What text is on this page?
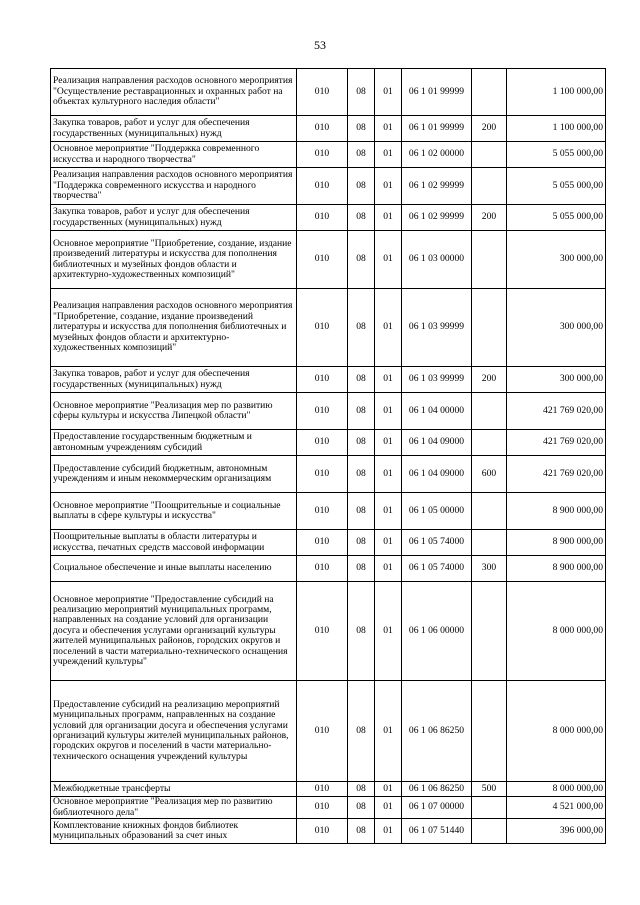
53
Реализация направления расходов основного мероприятия "Осуществление реставрационных и охранных работ на объектах культурного наследия области"	010	08	01	06 1 01 99999		1 100 000,00
Закупка товаров, работ и услуг для обеспечения государственных (муниципальных) нужд	010	08	01	06 1 01 99999	200	1 100 000,00
Основное мероприятие "Поддержка современного искусства и народного творчества"	010	08	01	06 1 02 00000		5 055 000,00
Реализация направления расходов основного мероприятия "Поддержка современного искусства и народного творчества"	010	08	01	06 1 02 99999		5 055 000,00
Закупка товаров, работ и услуг для обеспечения государственных (муниципальных) нужд	010	08	01	06 1 02 99999	200	5 055 000,00
Основное мероприятие "Приобретение, создание, издание произведений литературы и искусства для пополнения библиотечных и музейных фондов области и архитектурно-художественных композиций"	010	08	01	06 1 03 00000		300 000,00
Реализация направления расходов основного мероприятия "Приобретение, создание, издание произведений литературы и искусства для пополнения библиотечных и музейных фондов области и архитектурно-художественных композиций"	010	08	01	06 1 03 99999		300 000,00
Закупка товаров, работ и услуг для обеспечения государственных (муниципальных) нужд	010	08	01	06 1 03 99999	200	300 000,00
Основное мероприятие "Реализация мер по развитию сферы культуры и искусства Липецкой области"	010	08	01	06 1 04 00000		421 769 020,00
Предоставление государственным бюджетным и автономным учреждениям субсидий	010	08	01	06 1 04 09000		421 769 020,00
Предоставление субсидий бюджетным, автономным учреждениям и иным некоммерческим организациям	010	08	01	06 1 04 09000	600	421 769 020,00
Основное мероприятие "Поощрительные и социальные выплаты в сфере культуры и искусства"	010	08	01	06 1 05 00000		8 900 000,00
Поощрительные выплаты в области литературы и искусства, печатных средств массовой информации	010	08	01	06 1 05 74000		8 900 000,00
Социальное обеспечение и иные выплаты населению	010	08	01	06 1 05 74000	300	8 900 000,00
Основное мероприятие "Предоставление субсидий на реализацию мероприятий муниципальных программ, направленных на создание условий для организации досуга и обеспечения услугами организаций культуры жителей муниципальных районов, городских округов и поселений в части материально-технического оснащения учреждений культуры"	010	08	01	06 1 06 00000		8 000 000,00
Предоставление субсидий на реализацию мероприятий муниципальных программ, направленных на создание условий для организации досуга и обеспечения услугами организаций культуры жителей муниципальных районов, городских округов и поселений в части материально-технического оснащения учреждений культуры	010	08	01	06 1 06 86250		8 000 000,00
Межбюджетные трансферты	010	08	01	06 1 06 86250	500	8 000 000,00
Основное мероприятие "Реализация мер по развитию библиотечного дела"	010	08	01	06 1 07 00000		4 521 000,00
Комплектование книжных фондов библиотек муниципальных образований за счет иных	010	08	01	06 1 07 51440		396 000,00
